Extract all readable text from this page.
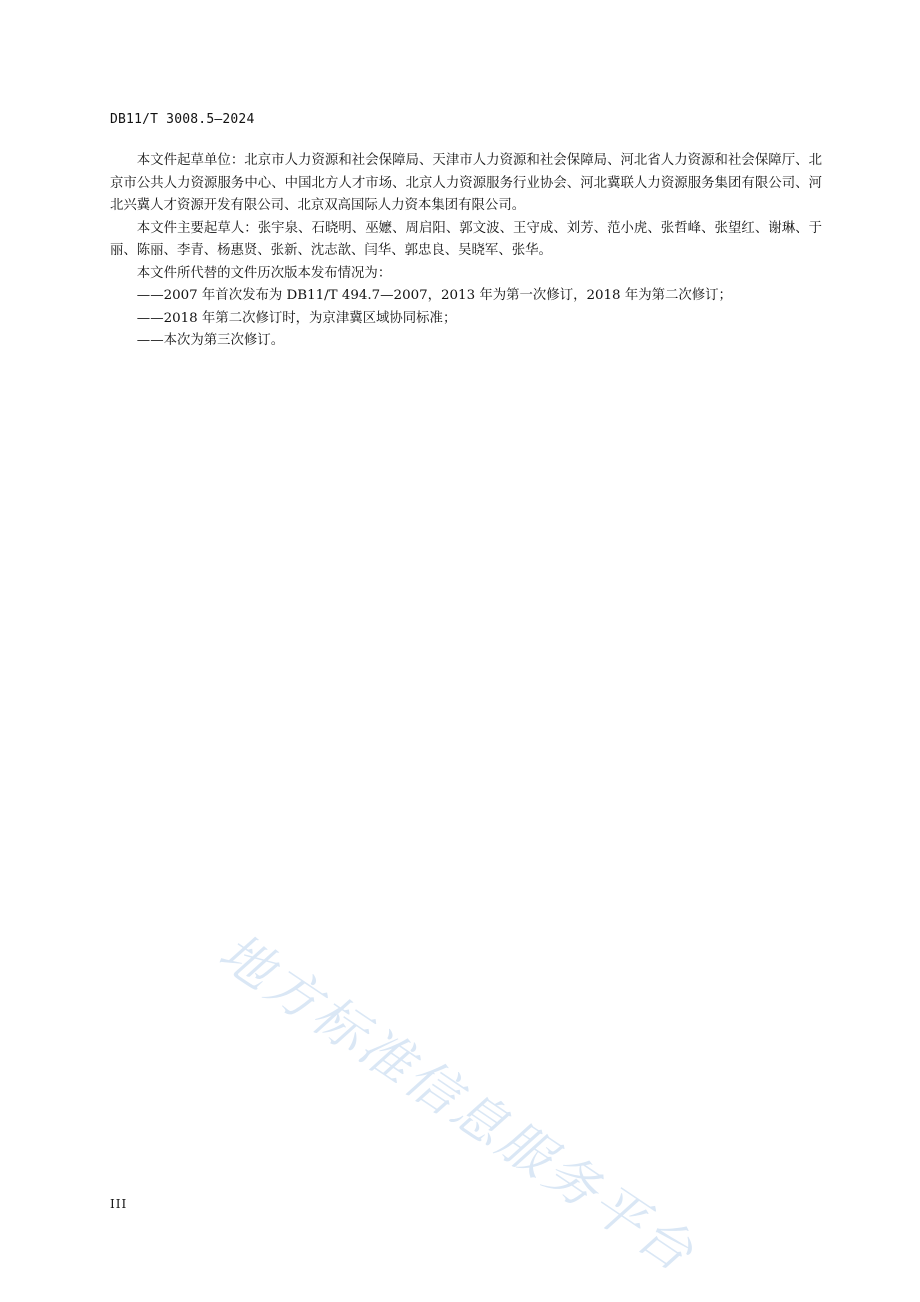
DB11/T 3008.5—2024

本文件起草单位：北京市人力资源和社会保障局、天津市人力资源和社会保障局、河北省人力资源和社会保障厅、北京市公共人力资源服务中心、中国北方人才市场、北京人力资源服务行业协会、河北冀联人力资源服务集团有限公司、河北兴冀人才资源开发有限公司、北京双高国际人力资本集团有限公司。

本文件主要起草人：张宇泉、石晓明、巫嬷、周启阳、郭文波、王守成、刘芳、范小虎、张哲峰、张望红、谢琳、于丽、陈丽、李青、杨惠贤、张新、沈志歆、闫华、郭忠良、吴晓军、张华。

本文件所代替的文件历次版本发布情况为：

——2007 年首次发布为 DB11/T 494.7—2007，2013 年为第一次修订，2018 年为第二次修订；

——2018 年第二次修订时，为京津冀区域协同标准；

——本次为第三次修订。

地方标准信息服务平台
III
